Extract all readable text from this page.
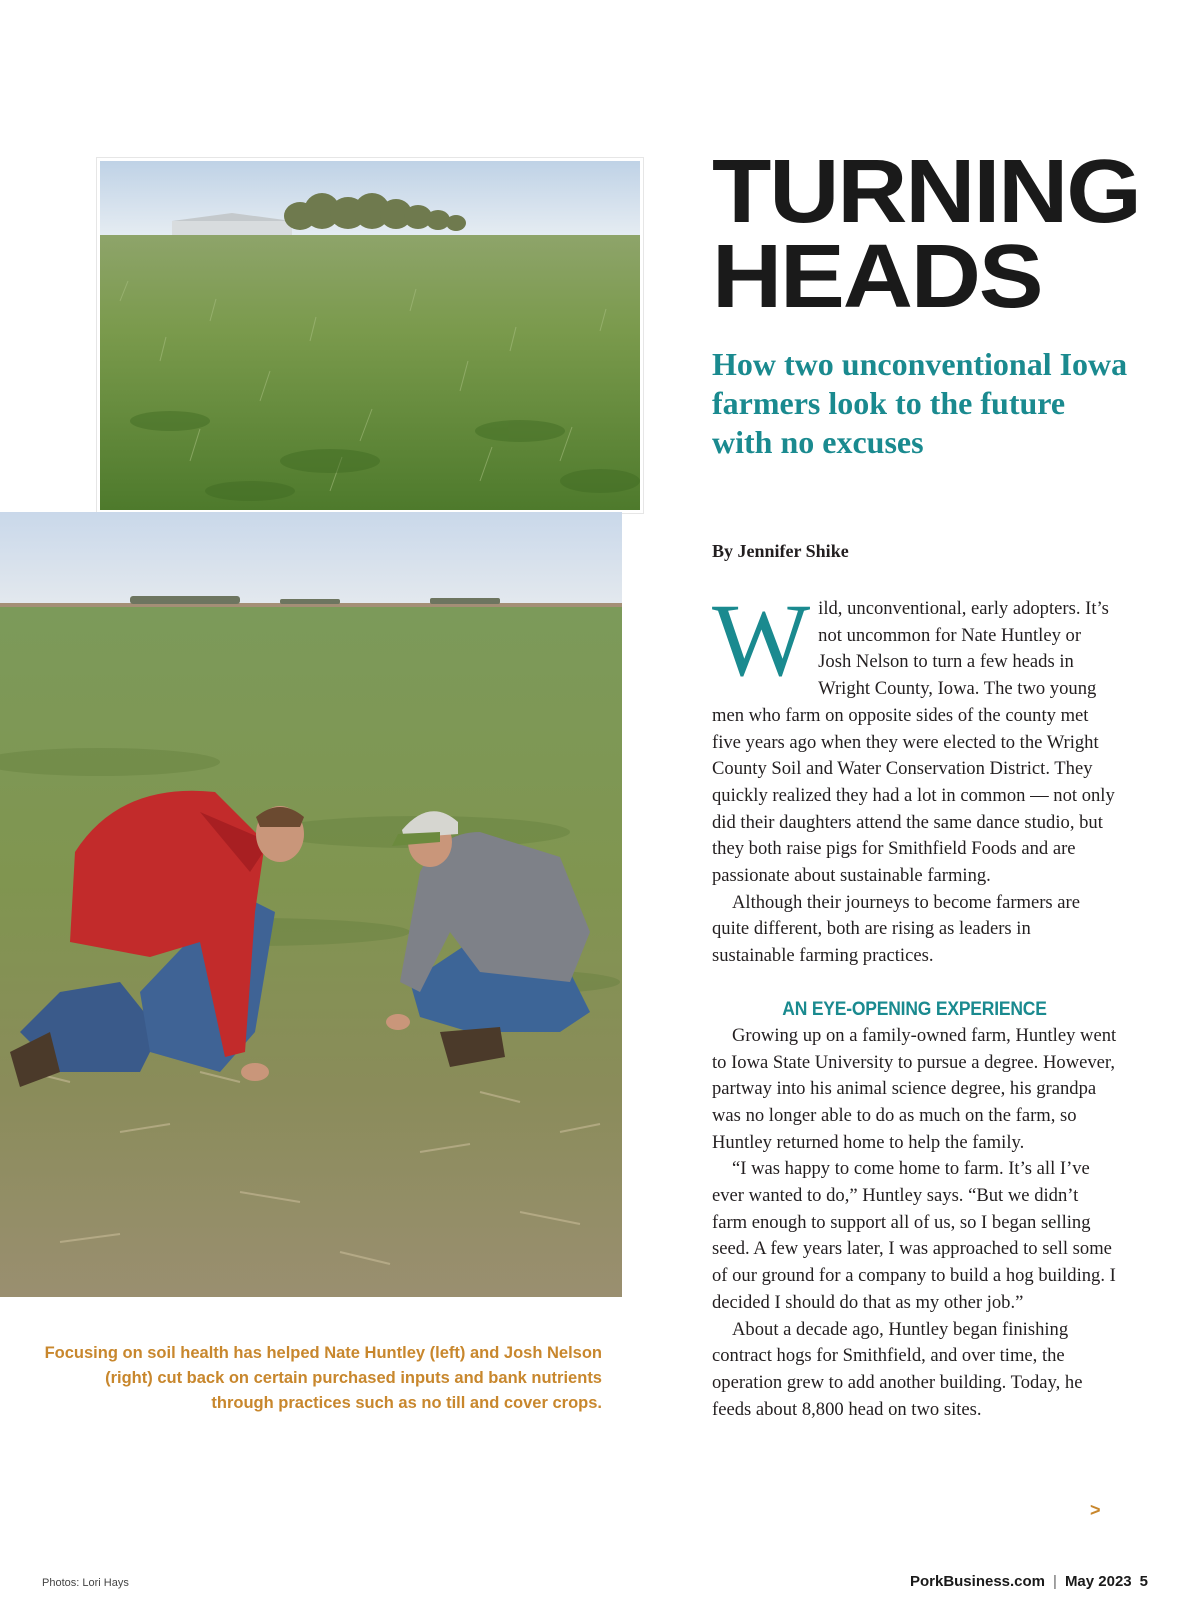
TURNING HEADS
How two unconventional Iowa farmers look to the future with no excuses
By Jennifer Shike

Wild, unconventional, early adopters. It’s not uncommon for Nate Huntley or Josh Nelson to turn a few heads in Wright County, Iowa. The two young men who farm on opposite sides of the county met five years ago when they were elected to the Wright County Soil and Water Conservation District. They quickly realized they had a lot in common — not only did their daughters attend the same dance studio, but they both raise pigs for Smithfield Foods and are passionate about sustainable farming.

Although their journeys to become farmers are quite different, both are rising as leaders in sustainable farming practices.

AN EYE-OPENING EXPERIENCE

Growing up on a family-owned farm, Huntley went to Iowa State University to pursue a degree. However, partway into his animal science degree, his grandpa was no longer able to do as much on the farm, so Huntley returned home to help the family.

“I was happy to come home to farm. It’s all I’ve ever wanted to do,” Huntley says. “But we didn’t farm enough to support all of us, so I began selling seed. A few years later, I was approached to sell some of our ground for a company to build a hog building. I decided I should do that as my other job.”

About a decade ago, Huntley began finishing contract hogs for Smithfield, and over time, the operation grew to add another building. Today, he feeds about 8,800 head on two sites.

>
Focusing on soil health has helped Nate Huntley (left) and Josh Nelson (right) cut back on certain purchased inputs and bank nutrients through practices such as no till and cover crops.
Photos: Lori Hays	PorkBusiness.com | May 2023 5
